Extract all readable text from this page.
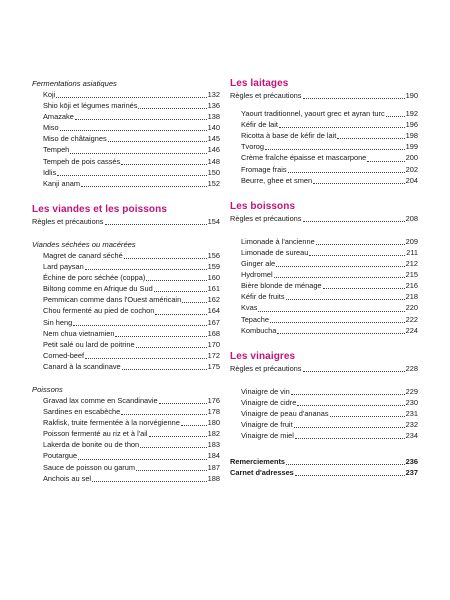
Fermentations asiatiques
Koji	132
Shio kōji et légumes marinés	136
Amazake	138
Miso	140
Miso de châtaignes	145
Tempeh	146
Tempeh de pois cassés	148
Idlis	150
Kanji anam	152
Les viandes et les poissons
Règles et précautions	154
Viandes séchées ou macérées
Magret de canard séché	156
Lard paysan	159
Échine de porc séchée (coppa)	160
Biltong comme en Afrique du Sud	161
Pemmican comme dans l'Ouest américain	162
Chou fermenté au pied de cochon	164
Sin heng	167
Nem chua vietnamien	168
Petit salé ou lard de poitrine	170
Corned-beef	172
Canard à la scandinave	175
Poissons
Gravad lax comme en Scandinavie	176
Sardines en escabèche	178
Rakfisk, truite fermentée à la norvégienne	180
Poisson fermenté au riz et à l'ail	182
Lakerda de bonite ou de thon	183
Poutargue	184
Sauce de poisson ou garum	187
Anchois au sel	188
Les laitages
Règles et précautions	190
Yaourt traditionnel, yaourt grec et ayran turc	192
Kéfir de lait	196
Ricotta à base de kéfir de lait	198
Tvorog	199
Crème fraîche épaisse et mascarpone	200
Fromage frais	202
Beurre, ghee et smen	204
Les boissons
Règles et précautions	208
Limonade à l'ancienne	209
Limonade de sureau	211
Ginger ale	212
Hydromel	215
Bière blonde de ménage	216
Kéfir de fruits	218
Kvas	220
Tepache	222
Kombucha	224
Les vinaigres
Règles et précautions	228
Vinaigre de vin	229
Vinaigre de cidre	230
Vinaigre de peau d'ananas	231
Vinaigre de fruit	232
Vinaigre de miel	234
Remerciements	236
Carnet d'adresses	237
